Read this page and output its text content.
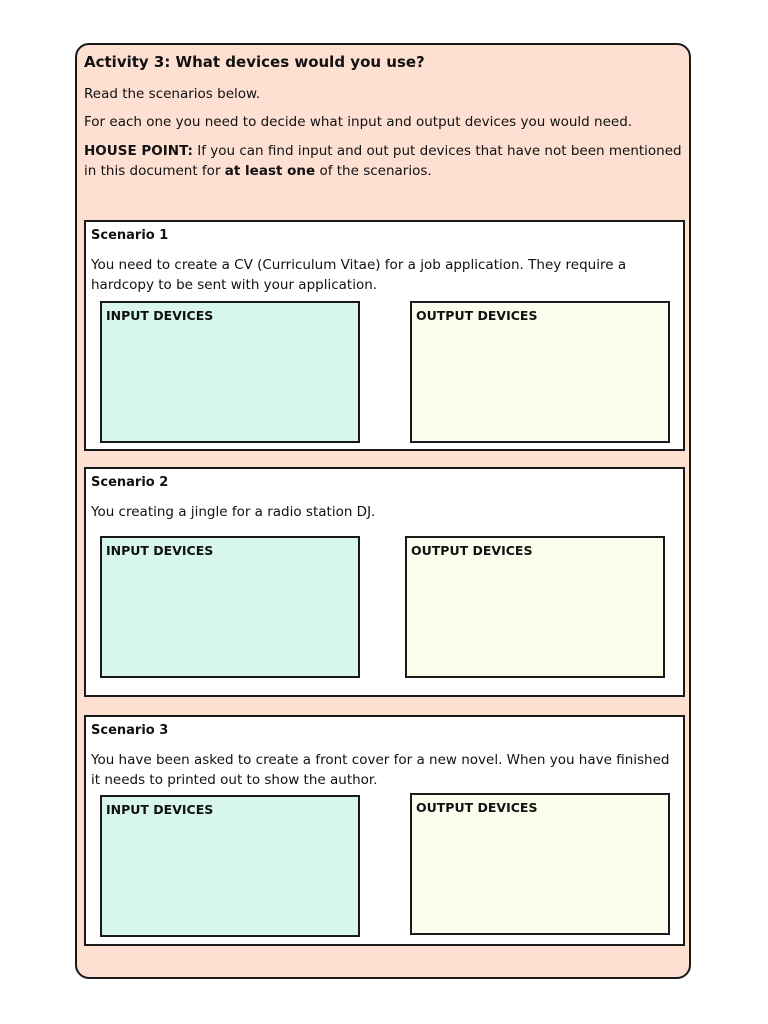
Activity 3: What devices would you use?

Read the scenarios below.

For each one you need to decide what input and output devices you would need.

HOUSE POINT: If you can find input and out put devices that have not been mentioned in this document for at least one of the scenarios.

Scenario 1

You need to create a CV (Curriculum Vitae) for a job application. They require a hardcopy to be sent with your application.

INPUT DEVICES	OUTPUT DEVICES

Scenario 2

You creating a jingle for a radio station DJ.

INPUT DEVICES	OUTPUT DEVICES

Scenario 3

You have been asked to create a front cover for a new novel. When you have finished it needs to printed out to show the author.

INPUT DEVICES	OUTPUT DEVICES
